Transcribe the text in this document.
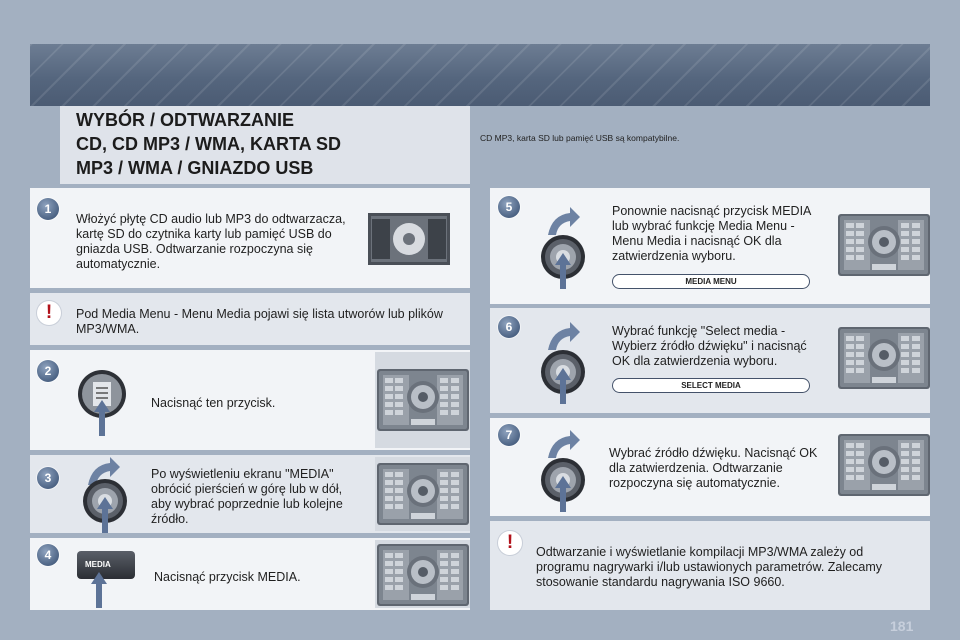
WYBÓR / ODTWARZANIE
CD, CD MP3 / WMA, KARTA SD
MP3 / WMA / GNIAZDO USB
CD MP3, karta SD lub pamięć USB są kompatybilne.
1
Włożyć płytę CD audio lub MP3 do odtwarzacza, kartę SD do czytnika karty lub pamięć USB do gniazda USB. Odtwarzanie rozpoczyna się automatycznie.
!	Pod Media Menu - Menu Media pojawi się lista utworów lub plików MP3/WMA.
2
Nacisnąć ten przycisk.
3	Po wyświetleniu ekranu "MEDIA" obrócić pierścień w górę lub w dół, aby wybrać poprzednie lub kolejne źródło.
4
MEDIA
Nacisnąć przycisk MEDIA.
5	Ponownie nacisnąć przycisk MEDIA lub wybrać funkcję Media Menu - Menu Media i nacisnąć OK dla zatwierdzenia wyboru.
MEDIA MENU
6	Wybrać funkcję "Select media - Wybierz źródło dźwięku" i nacisnąć OK dla zatwierdzenia wyboru.
SELECT MEDIA
7
Wybrać źródło dźwięku. Nacisnąć OK dla zatwierdzenia. Odtwarzanie rozpoczyna się automatycznie.
!	Odtwarzanie i wyświetlanie kompilacji MP3/WMA zależy od programu nagrywarki i/lub ustawionych parametrów. Zalecamy stosowanie standardu nagrywania ISO 9660.
181
